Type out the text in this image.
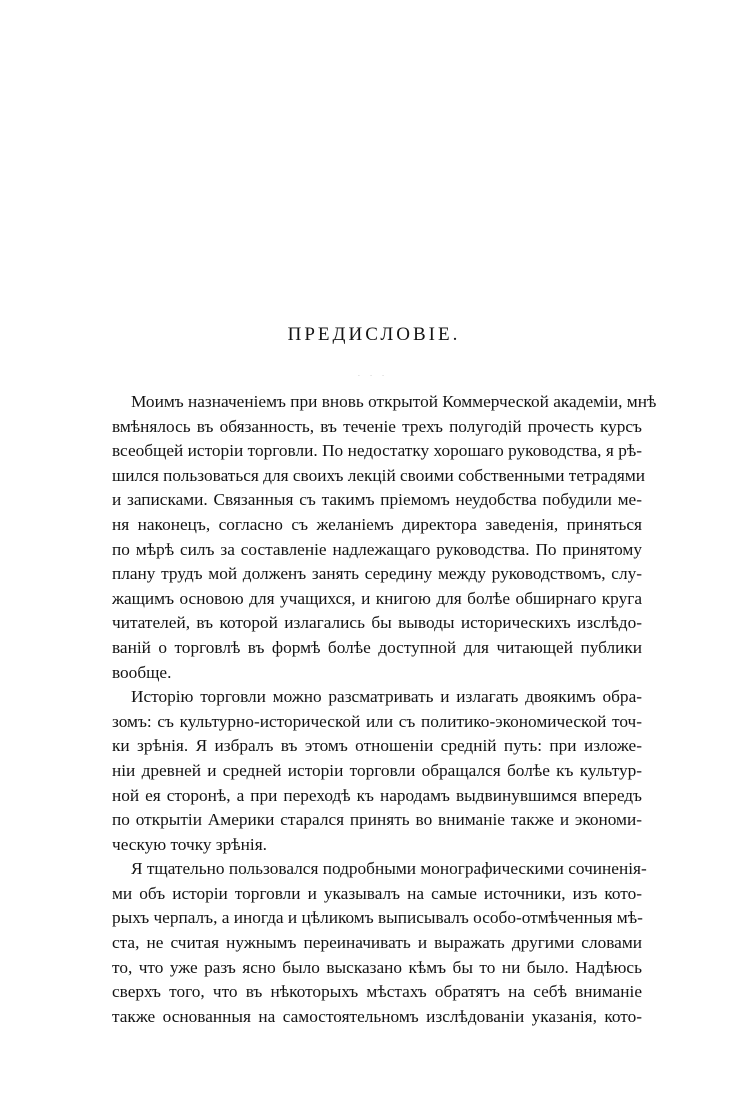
ПРЕДИСЛОВІЕ.
· · ·
Моимъ назначеніемъ при вновь открытой Коммерческой академіи, мнѣ
вмѣнялось въ обязанность, въ теченіе трехъ полугодій прочесть курсъ
всеобщей исторіи торговли. По недостатку хорошаго руководства, я рѣ-
шился пользоваться для своихъ лекцій своими собственными тетрадями
и записками. Связанныя съ такимъ пріемомъ неудобства побудили ме-
ня наконецъ, согласно съ желаніемъ директора заведенія, приняться
по мѣрѣ силъ за составленіе надлежащаго руководства. По принятому
плану трудъ мой долженъ занять середину между руководствомъ, слу-
жащимъ основою для учащихся, и книгою для болѣе обширнаго круга
читателей, въ которой излагались бы выводы историческихъ изслѣдо-
ваній о торговлѣ въ формѣ болѣе доступной для читающей публики
вообще.
Исторію торговли можно разсматривать и излагать двоякимъ обра-
зомъ: съ культурно-исторической или съ политико-экономической точ-
ки зрѣнія. Я избралъ въ этомъ отношеніи средній путь: при изложе-
ніи древней и средней исторіи торговли обращался болѣе къ культур-
ной ея сторонѣ, а при переходѣ къ народамъ выдвинувшимся впередъ
по открытіи Америки старался принять во вниманіе также и экономи-
ческую точку зрѣнія.
Я тщательно пользовался подробными монографическими сочиненія-
ми объ исторіи торговли и указывалъ на самые источники, изъ кото-
рыхъ черпалъ, а иногда и цѣликомъ выписывалъ особо-отмѣченныя мѣ-
ста, не считая нужнымъ переиначивать и выражать другими словами
то, что уже разъ ясно было высказано кѣмъ бы то ни было. Надѣюсь
сверхъ того, что въ нѣкоторыхъ мѣстахъ обратятъ на себѣ вниманіе
также основанныя на самостоятельномъ изслѣдованіи указанія, кото-
